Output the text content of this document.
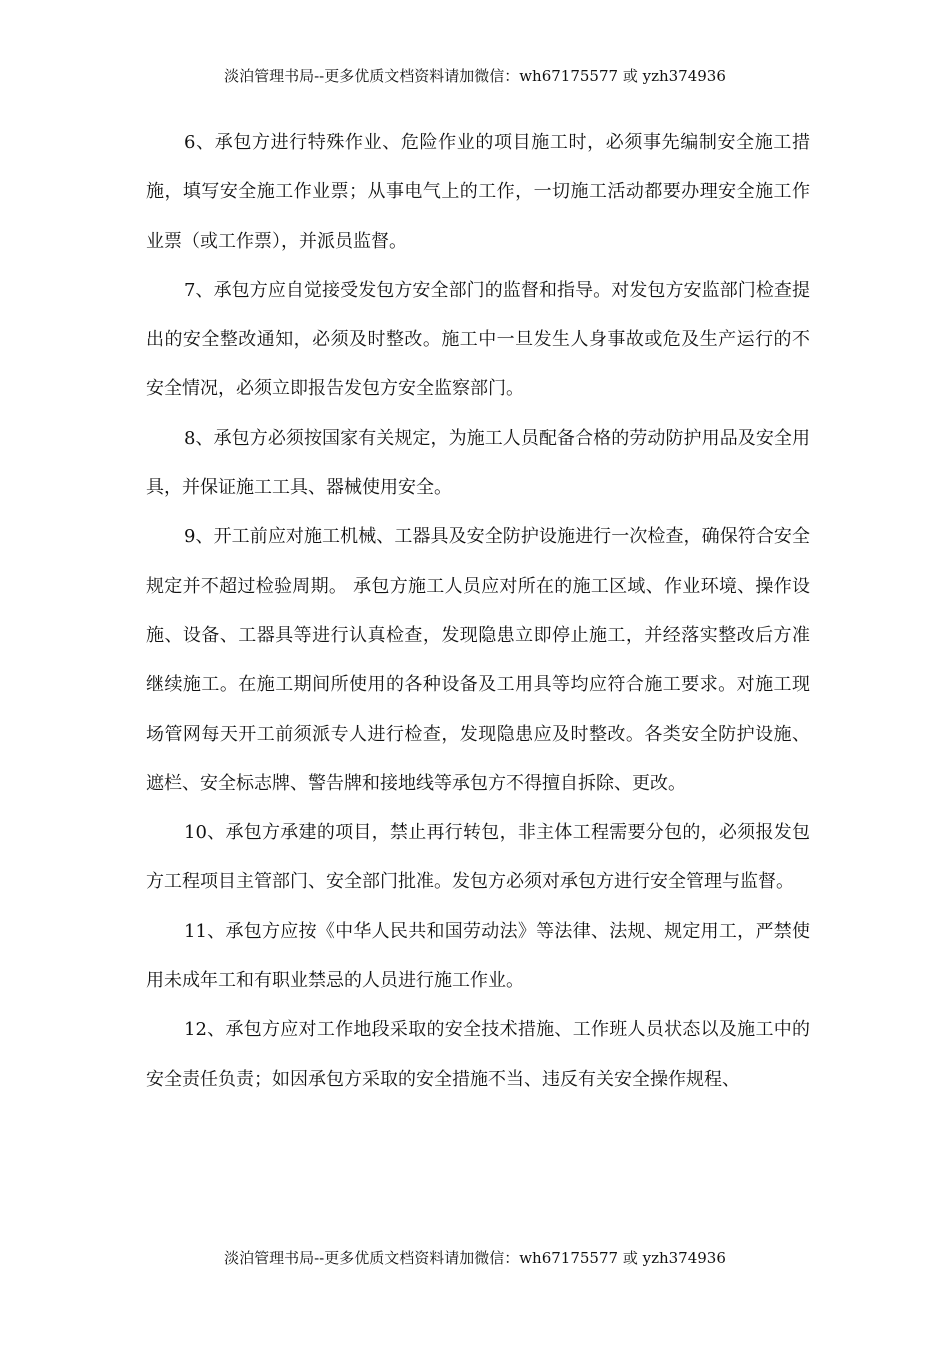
淡泊管理书局--更多优质文档资料请加微信：wh67175577 或 yzh374936

6、承包方进行特殊作业、危险作业的项目施工时，必须事先编制安全施工措施，填写安全施工作业票；从事电气上的工作，一切施工活动都要办理安全施工作业票（或工作票），并派员监督。

7、承包方应自觉接受发包方安全部门的监督和指导。对发包方安监部门检查提出的安全整改通知，必须及时整改。施工中一旦发生人身事故或危及生产运行的不安全情况，必须立即报告发包方安全监察部门。

8、承包方必须按国家有关规定，为施工人员配备合格的劳动防护用品及安全用具，并保证施工工具、器械使用安全。

9、开工前应对施工机械、工器具及安全防护设施进行一次检查，确保符合安全规定并不超过检验周期。 承包方施工人员应对所在的施工区域、作业环境、操作设施、设备、工器具等进行认真检查，发现隐患立即停止施工，并经落实整改后方准继续施工。在施工期间所使用的各种设备及工用具等均应符合施工要求。对施工现场管网每天开工前须派专人进行检查，发现隐患应及时整改。各类安全防护设施、遮栏、安全标志牌、警告牌和接地线等承包方不得擅自拆除、更改。

10、承包方承建的项目，禁止再行转包，非主体工程需要分包的，必须报发包方工程项目主管部门、安全部门批准。发包方必须对承包方进行安全管理与监督。

11、承包方应按《中华人民共和国劳动法》等法律、法规、规定用工，严禁使用未成年工和有职业禁忌的人员进行施工作业。

12、承包方应对工作地段采取的安全技术措施、工作班人员状态以及施工中的安全责任负责；如因承包方采取的安全措施不当、违反有关安全操作规程、

淡泊管理书局--更多优质文档资料请加微信：wh67175577 或 yzh374936
